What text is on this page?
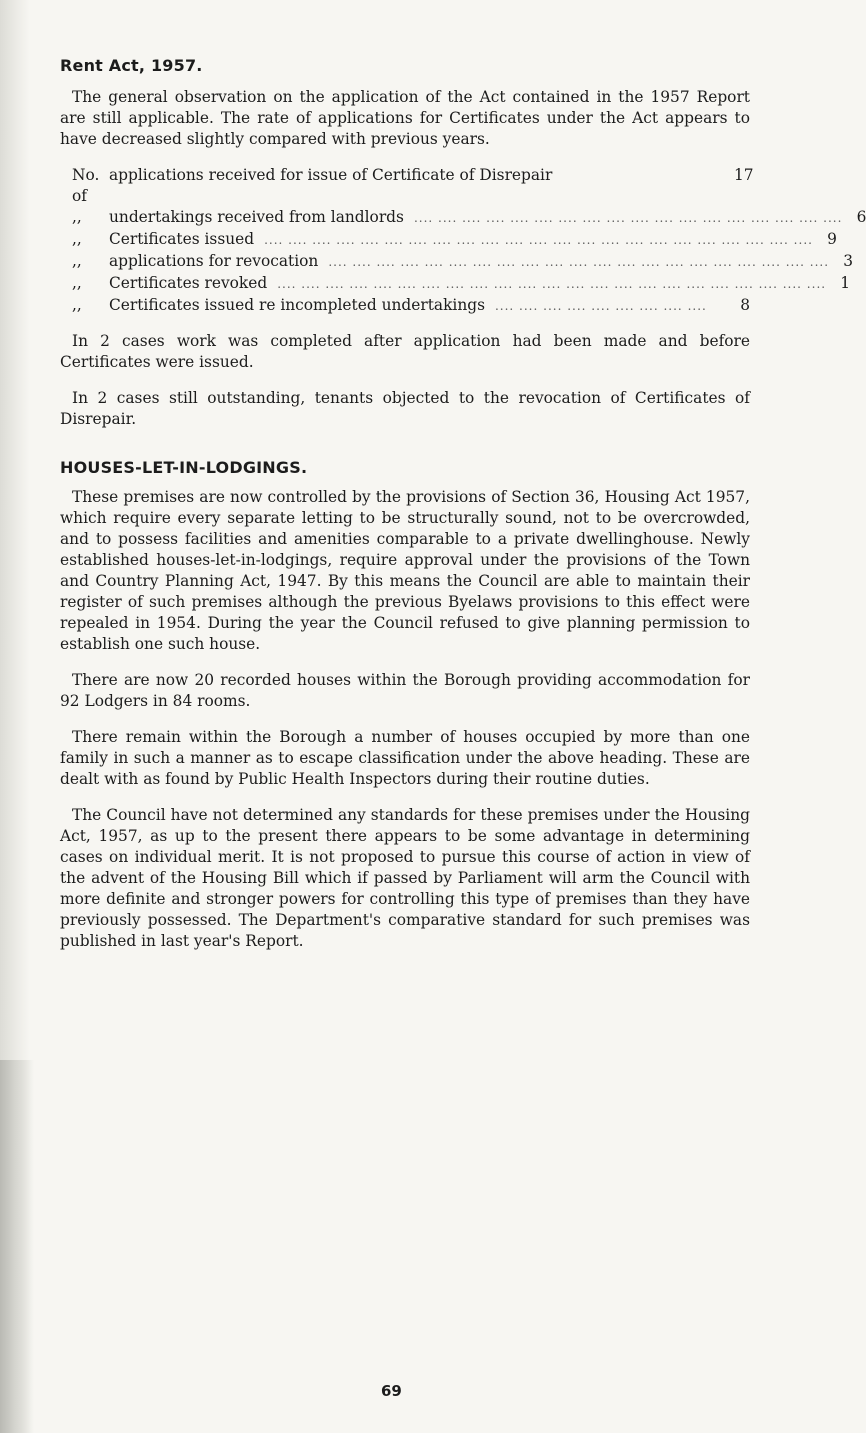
Rent Act, 1957.

The general observation on the application of the Act contained in the 1957 Report are still applicable. The rate of applications for Certificates under the Act appears to have decreased slightly compared with previous years.

No. of
applications received for issue of Certificate of Disrepair	17
,,	undertakings received from landlords .... .... .... .... .... .... .... .... .... .... .... .... .... .... .... .... .... .... 6
,,	Certificates issued .... .... .... .... .... .... .... .... .... .... .... .... .... .... .... .... .... .... .... .... .... .... .... 9
,,	applications for revocation .... .... .... .... .... .... .... .... .... .... .... .... .... .... .... .... .... .... .... .... .... 3
,,	Certificates revoked .... .... .... .... .... .... .... .... .... .... .... .... .... .... .... .... .... .... .... .... .... .... .... 1
,,	Certificates issued re incompleted undertakings .... .... .... .... .... .... .... .... ....	8

In 2 cases work was completed after application had been made and before Certificates were issued.

In 2 cases still outstanding, tenants objected to the revocation of Certificates of Disrepair.

HOUSES-LET-IN-LODGINGS.

These premises are now controlled by the provisions of Section 36, Housing Act 1957, which require every separate letting to be structurally sound, not to be overcrowded, and to possess facilities and amenities comparable to a private dwellinghouse. Newly established houses-let-in-lodgings, require approval under the provisions of the Town and Country Planning Act, 1947. By this means the Council are able to maintain their register of such premises although the previous Byelaws provisions to this effect were repealed in 1954. During the year the Council refused to give planning permission to establish one such house.

There are now 20 recorded houses within the Borough providing accommodation for 92 Lodgers in 84 rooms.

There remain within the Borough a number of houses occupied by more than one family in such a manner as to escape classification under the above heading. These are dealt with as found by Public Health Inspectors during their routine duties.

The Council have not determined any standards for these premises under the Housing Act, 1957, as up to the present there appears to be some advantage in determining cases on individual merit. It is not proposed to pursue this course of action in view of the advent of the Housing Bill which if passed by Parliament will arm the Council with more definite and stronger powers for controlling this type of premises than they have previously possessed. The Department's comparative standard for such premises was published in last year's Report.

69
